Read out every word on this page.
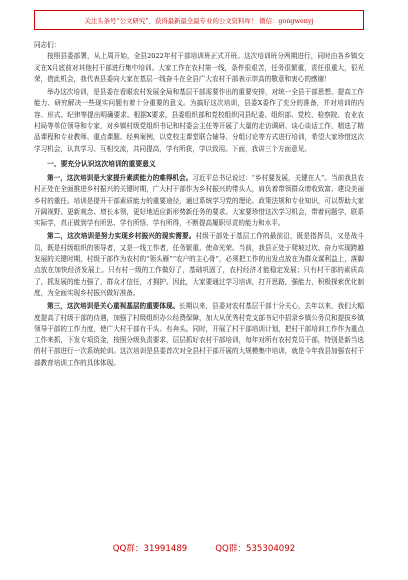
关注头条号“公文研究”，获得最新最全最专业的公文资料库！ 微信：gongwenyj

同志们：

按照县委部署，从上周开始，全县2022年村干部培训班正式开班。这次培训班分两期进行，同时由各乡镇交叉在X月底前对其他村干部进行集中培训。大家工作在农村第一线，条件很艰苦，任务很繁重，责任很重大，很光荣，借此机会，我代表县委向大家在基层一线奋斗在全县广大农村干部表示崇高的敬意和衷心的感谢！

举办这次培训，是县委在看眼农村发展全局和基层干部需要作出的重要安排，对统一全县干部思想、提高工作能力、研究解决一些现实问题有着十分重要的意义。为搞好这次培训，县委X委作了充分的准备，并对培训的内容、形式、纪律等提出明确要求。根据X要求，县委组织部和党校组织同县纪委、组织部、党校、检察院、农业农村局等单位领导和专家，对乡镇村级党组织书记和村委会主任等开展了大量的走访调研、谈心谈话工作，精选了精品课程和专业教师、重点课题、经典案例，以党校主课堂联合辅导、分组讨论等方式进行培训，希望大家珍惜这次学习机会，认真学习、互相交流，共同提高，学有所获，学以致用。下面，我讲三个方面意见。

一、要充分认识这次培训的重要意义

第一，这次培训是大家提升素质能力的难得机会。习近平总书记说过：“乡村要发展，关键在人”。当前我县农村正处在全面推进乡村振兴的关键时期，广大村干部作为乡村振兴的带头人，肩负着带领群众增收致富、建设美丽乡村的重任。培训是提升干部素质能力的重要途径，通过系统学习党的理论、政策法规和专业知识，可以帮助大家开阔视野、更新观念、增长本领，更好地适应新形势新任务的要求。大家要珍惜这次学习机会，带着问题学、联系实际学，真正做到学有所思、学有所悟、学有所得，不断提高履职尽责的能力和水平。

第二，这次培训是努力实现乡村振兴的现实需要。村级干部处于基层工作的最前沿，既是指挥员，又是战斗员，既是村级组织的领导者，又是一线工作者，任务繁重、使命光荣。当前，我县正处于爬坡过坎、奋力实现跨越发展的关键时期，村级干部作为农村的“领头雁”“农户的主心骨”，必须把工作的出发点放在为群众谋利益上，落脚点放在加快经济发展上。只有村一级的工作做好了，基础巩固了，农村经济才能稳定发展；只有村干部的素质高了，抓发展的能力强了，群众才信任，才拥护。因此，大家要通过学习培训，打开思路，强能力，积极探索优化制度，为全面实现乡村振兴做好准备。

第三，这次培训是关心重视基层的重要体现。长期以来，县委对农村基层干部十分关心，去年以来，我们大幅度提高了村级干部的待遇，加强了村级组织办公经费保障，加大从优秀村党支部书记中招录乡镇公务员和提拔乡镇领导干部的工作力度，使广大村干部有干头、有奔头。同时，开展了村干部培训计划，把村干部培训工作作为重点工作来抓，下发专项资金，按照分级负责要求，层层抓好农村干部培训，每年对所有农村党员干部，特别是新当选的村干部进行一次系统轮训。这次培训是县委首次对全县村干部开展的大规模集中培训，就是今年我县加强农村干部教育培训工作的具体体现。

QQ群：31991489	QQ群：535304092
